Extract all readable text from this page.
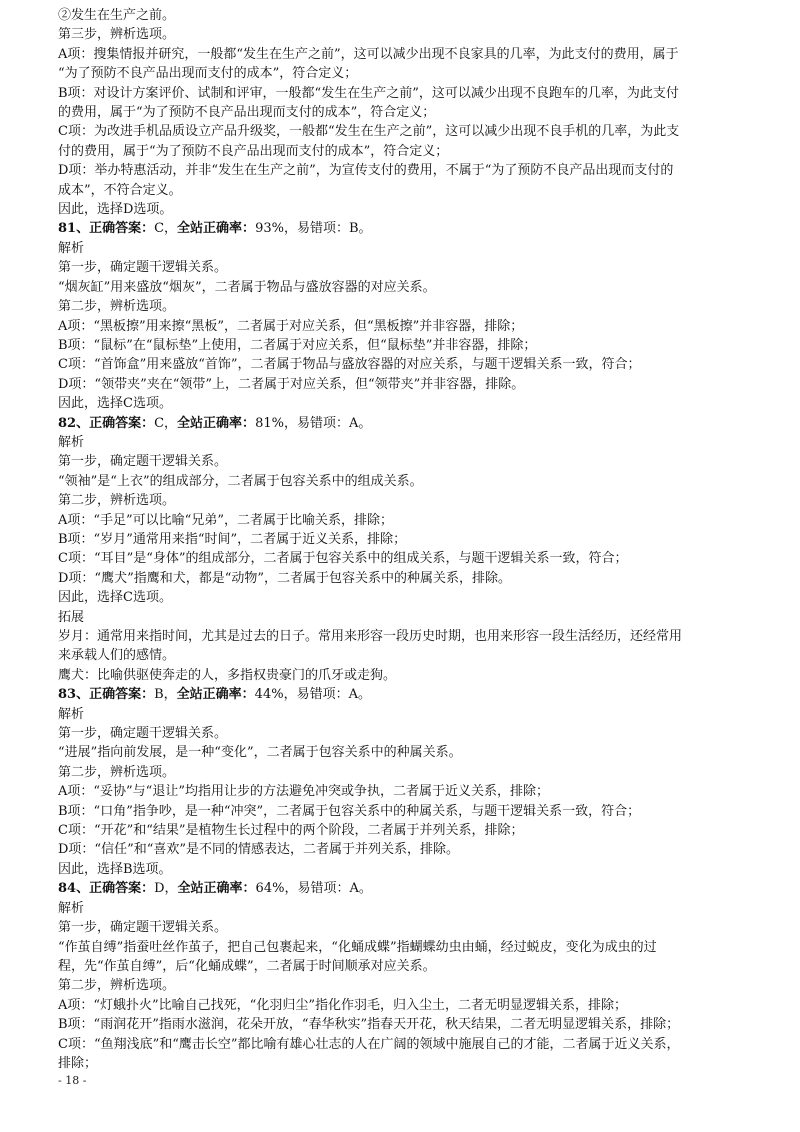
②发生在生产之前。
第三步，辨析选项。
A项：搜集情报并研究，一般都“发生在生产之前”，这可以减少出现不良家具的几率，为此支付的费用，属于
“为了预防不良产品出现而支付的成本”，符合定义；
B项：对设计方案评价、试制和评审，一般都“发生在生产之前”，这可以减少出现不良跑车的几率，为此支付
的费用，属于“为了预防不良产品出现而支付的成本”，符合定义；
C项：为改进手机品质设立产品升级奖，一般都“发生在生产之前”，这可以减少出现不良手机的几率，为此支
付的费用，属于“为了预防不良产品出现而支付的成本”，符合定义；
D项：举办特惠活动，并非“发生在生产之前”，为宣传支付的费用，不属于“为了预防不良产品出现而支付的
成本”，不符合定义。
因此，选择D选项。
81、正确答案：C，全站正确率：93%，易错项：B。
解析
第一步，确定题干逻辑关系。
“烟灰缸”用来盛放“烟灰”，二者属于物品与盛放容器的对应关系。
第二步，辨析选项。
A项：“黑板擦”用来擦“黑板”，二者属于对应关系，但“黑板擦”并非容器，排除；
B项：“鼠标”在“鼠标垫”上使用，二者属于对应关系，但“鼠标垫”并非容器，排除；
C项：“首饰盒”用来盛放“首饰”，二者属于物品与盛放容器的对应关系，与题干逻辑关系一致，符合；
D项：“领带夹”夹在“领带”上，二者属于对应关系，但“领带夹”并非容器，排除。
因此，选择C选项。
82、正确答案：C，全站正确率：81%，易错项：A。
解析
第一步，确定题干逻辑关系。
“领袖”是“上衣”的组成部分，二者属于包容关系中的组成关系。
第二步，辨析选项。
A项：“手足”可以比喻“兄弟”，二者属于比喻关系，排除；
B项：“岁月”通常用来指“时间”，二者属于近义关系，排除；
C项：“耳目”是“身体”的组成部分，二者属于包容关系中的组成关系，与题干逻辑关系一致，符合；
D项：“鹰犬”指鹰和犬，都是“动物”，二者属于包容关系中的种属关系，排除。
因此，选择C选项。
拓展
岁月：通常用来指时间，尤其是过去的日子。常用来形容一段历史时期，也用来形容一段生活经历，还经常用
来承载人们的感情。
鹰犬：比喻供驱使奔走的人，多指权贵豪门的爪牙或走狗。
83、正确答案：B，全站正确率：44%，易错项：A。
解析
第一步，确定题干逻辑关系。
“进展”指向前发展，是一种“变化”，二者属于包容关系中的种属关系。
第二步，辨析选项。
A项：“妥协”与“退让”均指用让步的方法避免冲突或争执，二者属于近义关系，排除；
B项：“口角”指争吵，是一种“冲突”，二者属于包容关系中的种属关系，与题干逻辑关系一致，符合；
C项：“开花”和“结果”是植物生长过程中的两个阶段，二者属于并列关系，排除；
D项：“信任”和“喜欢”是不同的情感表达，二者属于并列关系，排除。
因此，选择B选项。
84、正确答案：D，全站正确率：64%，易错项：A。
解析
第一步，确定题干逻辑关系。
“作茧自缚”指蚕吐丝作茧子，把自己包裹起来，“化蛹成蝶”指蝴蝶幼虫由蛹，经过蜕皮，变化为成虫的过
程，先“作茧自缚”，后“化蛹成蝶”，二者属于时间顺承对应关系。
第二步，辨析选项。
A项：“灯蛾扑火”比喻自己找死，“化羽归尘”指化作羽毛，归入尘土，二者无明显逻辑关系，排除；
B项：“雨润花开”指雨水滋润，花朵开放，“春华秋实”指春天开花，秋天结果，二者无明显逻辑关系，排除；
C项：“鱼翔浅底”和“鹰击长空”都比喻有雄心壮志的人在广阔的领域中施展自己的才能，二者属于近义关系，
排除；
- 18 -
